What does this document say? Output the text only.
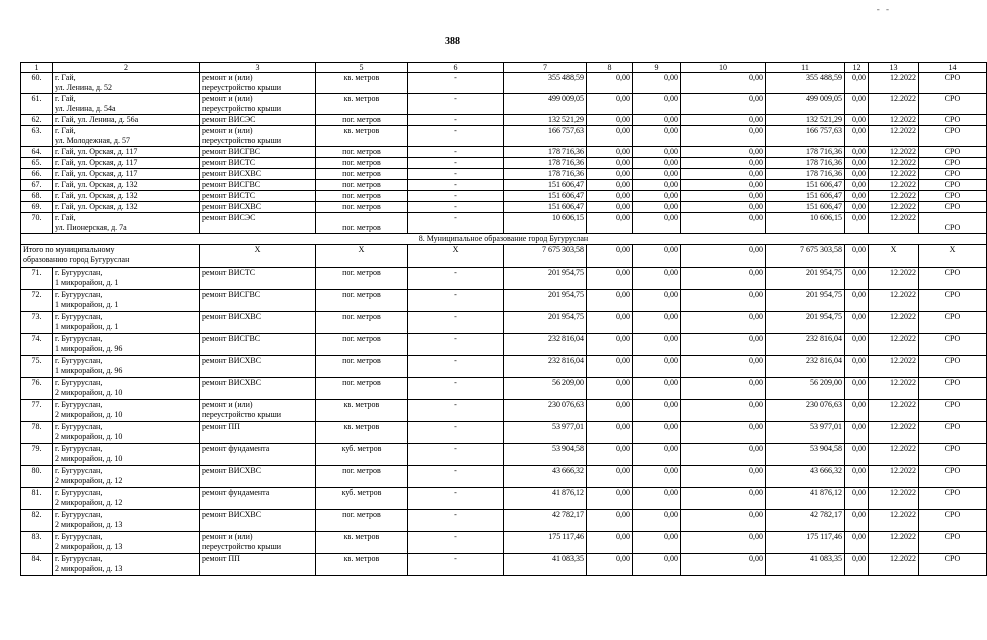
- -
388
1	2	3	5	6	7	8	9	10	11	12	13	14
60.	г. Гай,
ул. Ленина, д. 52	ремонт и (или)
переустройство крыши	кв. метров	-	355 488,59	0,00	0,00	0,00	355 488,59	0,00	12.2022	СРО
61.	г. Гай,
ул. Ленина, д. 54а	ремонт и (или)
переустройство крыши	кв. метров	-	499 009,05	0,00	0,00	0,00	499 009,05	0,00	12.2022	СРО
62.	г. Гай, ул. Ленина, д. 56а	ремонт ВИСЭС	пог. метров	-	132 521,29	0,00	0,00	0,00	132 521,29	0,00	12.2022	СРО
63.	г. Гай,
ул. Молодежная, д. 57	ремонт и (или)
переустройство крыши	кв. метров	-	166 757,63	0,00	0,00	0,00	166 757,63	0,00	12.2022	СРО
64.	г. Гай, ул. Орская, д. 117	ремонт ВИСГВС	пог. метров	-	178 716,36	0,00	0,00	0,00	178 716,36	0,00	12.2022	СРО
65.	г. Гай, ул. Орская, д. 117	ремонт ВИСТС	пог. метров	-	178 716,36	0,00	0,00	0,00	178 716,36	0,00	12.2022	СРО
66.	г. Гай, ул. Орская, д. 117	ремонт ВИСХВС	пог. метров	-	178 716,36	0,00	0,00	0,00	178 716,36	0,00	12.2022	СРО
67.	г. Гай, ул. Орская, д. 132	ремонт ВИСГВС	пог. метров	-	151 606,47	0,00	0,00	0,00	151 606,47	0,00	12.2022	СРО
68.	г. Гай, ул. Орская, д. 132	ремонт ВИСТС	пог. метров	-	151 606,47	0,00	0,00	0,00	151 606,47	0,00	12.2022	СРО
69.	г. Гай, ул. Орская, д. 132	ремонт ВИСХВС	пог. метров	-	151 606,47	0,00	0,00	0,00	151 606,47	0,00	12.2022	СРО
70.	г. Гай,
ул. Пионерская, д. 7а	ремонт ВИСЭС	пог. метров	-	10 606,15	0,00	0,00	0,00	10 606,15	0,00	12.2022	СРО
8. Муниципальное образование город Бугуруслан												

Итого по муниципальному
образованию город Бугуруслан		X	X	X	7 675 303,58	0,00	0,00	0,00	7 675 303,58	0,00	X	X
71.	г. Бугуруслан,
1 микрорайон, д. 1	ремонт ВИСТС	пог. метров	-	201 954,75	0,00	0,00	0,00	201 954,75	0,00	12.2022	СРО
72.	г. Бугуруслан,
1 микрорайон, д. 1	ремонт ВИСГВС	пог. метров	-	201 954,75	0,00	0,00	0,00	201 954,75	0,00	12.2022	СРО
73.	г. Бугуруслан,
1 микрорайон, д. 1	ремонт ВИСХВС	пог. метров	-	201 954,75	0,00	0,00	0,00	201 954,75	0,00	12.2022	СРО
74.	г. Бугуруслан,
1 микрорайон, д. 96	ремонт ВИСГВС	пог. метров	-	232 816,04	0,00	0,00	0,00	232 816,04	0,00	12.2022	СРО
75.	г. Бугуруслан,
1 микрорайон, д. 96	ремонт ВИСХВС	пог. метров	-	232 816,04	0,00	0,00	0,00	232 816,04	0,00	12.2022	СРО
76.	г. Бугуруслан,
2 микрорайон, д. 10	ремонт ВИСХВС	пог. метров	-	56 209,00	0,00	0,00	0,00	56 209,00	0,00	12.2022	СРО
77.	г. Бугуруслан,
2 микрорайон, д. 10	ремонт и (или)
переустройство крыши	кв. метров	-	230 076,63	0,00	0,00	0,00	230 076,63	0,00	12.2022	СРО
78.	г. Бугуруслан,
2 микрорайон, д. 10	ремонт ПП	кв. метров	-	53 977,01	0,00	0,00	0,00	53 977,01	0,00	12.2022	СРО
79.	г. Бугуруслан,
2 микрорайон, д. 10	ремонт фундамента	куб. метров	-	53 904,58	0,00	0,00	0,00	53 904,58	0,00	12.2022	СРО
80.	г. Бугуруслан,
2 микрорайон, д. 12	ремонт ВИСХВС	пог. метров	-	43 666,32	0,00	0,00	0,00	43 666,32	0,00	12.2022	СРО
81.	г. Бугуруслан,
2 микрорайон, д. 12	ремонт фундамента	куб. метров	-	41 876,12	0,00	0,00	0,00	41 876,12	0,00	12.2022	СРО
82.	г. Бугуруслан,
2 микрорайон, д. 13	ремонт ВИСХВС	пог. метров	-	42 782,17	0,00	0,00	0,00	42 782,17	0,00	12.2022	СРО
83.	г. Бугуруслан,
2 микрорайон, д. 13	ремонт и (или)
переустройство крыши	кв. метров	-	175 117,46	0,00	0,00	0,00	175 117,46	0,00	12.2022	СРО
84.	г. Бугуруслан,
2 микрорайон, д. 13	ремонт ПП	кв. метров	-	41 083,35	0,00	0,00	0,00	41 083,35	0,00	12.2022	СРО
